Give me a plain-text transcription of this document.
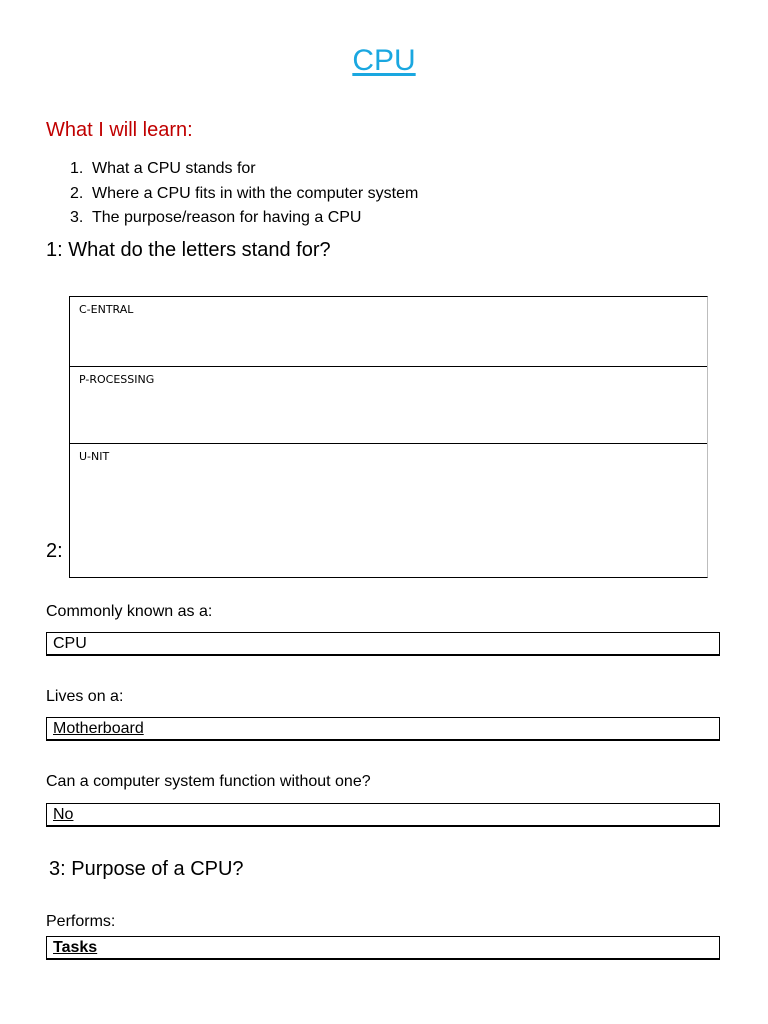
CPU
What I will learn:
1. What a CPU stands for
2. Where a CPU fits in with the computer system
3. The purpose/reason for having a CPU
1: What do the letters stand for?
C-ENTRAL
P-ROCESSING
U-NIT
2:
Commonly known as a:
CPU
Lives on a:
Motherboard
Can a computer system function without one?
No
3: Purpose of a CPU?
Performs:
Tasks
